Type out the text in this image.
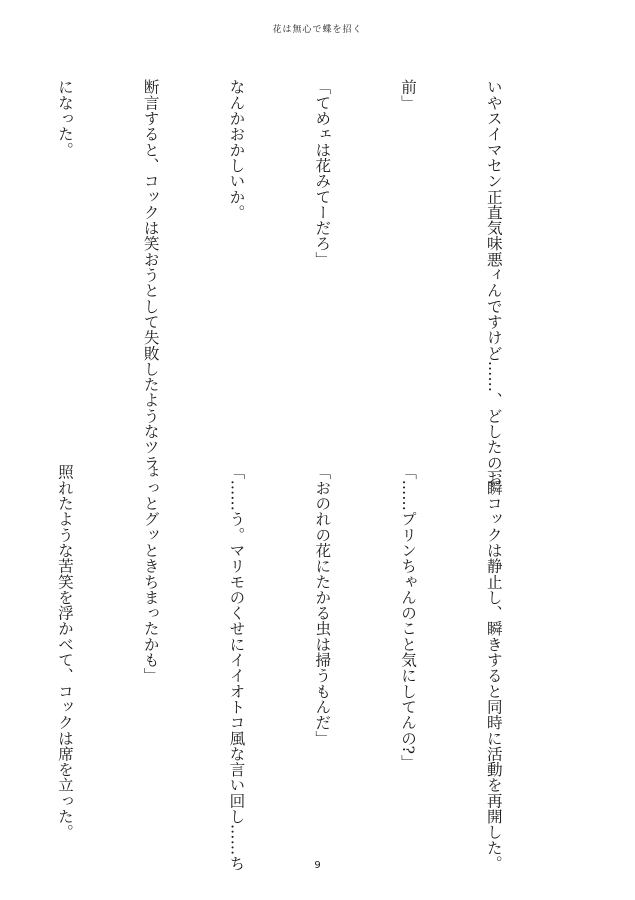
花は無心で蝶を招く

いやスイマセン正直気味悪ィんですけど……、どしたのお

前」

「てめェは花みてーだろ」

なんかおかしいか。

断言すると、コックは笑おうとして失敗したようなツラ

になった。

一瞬コックは静止し、瞬きすると同時に活動を再開した。

「……プリンちゃんのこと気にしてんの?」

「おのれの花にたかる虫は掃うもんだ」

「……う。マリモのくせにイイオトコ風な言い回し……ち

ょっとグッときちまったかも」

照れたような苦笑を浮かべて、コックは席を立った。

9
